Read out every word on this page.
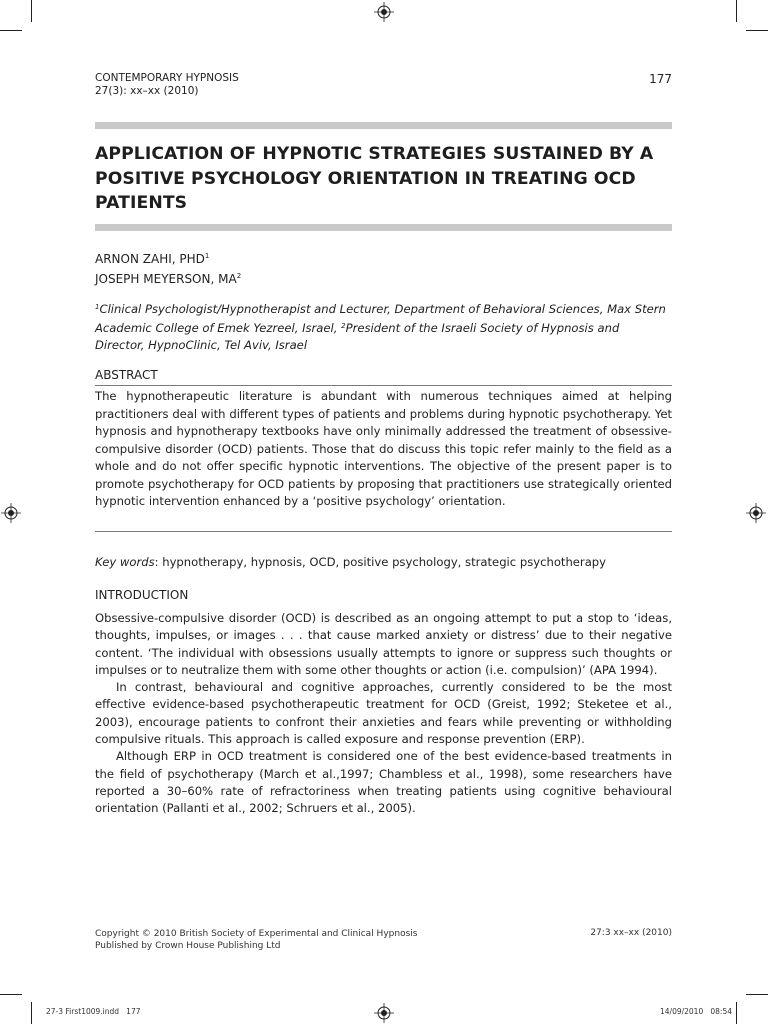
CONTEMPORARY HYPNOSIS
27(3): xx–xx (2010)
177
APPLICATION OF HYPNOTIC STRATEGIES SUSTAINED BY A POSITIVE PSYCHOLOGY ORIENTATION IN TREATING OCD PATIENTS
ARNON ZAHI, PHD$^1$
JOSEPH MEYERSON, $MA^2$
$^1$Clinical Psychologist/Hypnotherapist and Lecturer, Department of Behavioral Sciences, Max Stern Academic College of Emek Yezreel, Israel, $^2$President of the Israeli Society of Hypnosis and Director, HypnoClinic, Tel Aviv, Israel
ABSTRACT
The hypnotherapeutic literature is abundant with numerous techniques aimed at helping practitioners deal with different types of patients and problems during hypnotic psychotherapy. Yet hypnosis and hypnotherapy textbooks have only minimally addressed the treatment of obsessive-compulsive disorder (OCD) patients. Those that do discuss this topic refer mainly to the field as a whole and do not offer specific hypnotic interventions. The objective of the present paper is to promote psychotherapy for OCD patients by proposing that practitioners use strategically oriented hypnotic intervention enhanced by a ‘positive psychology’ orientation.
Key words: hypnotherapy, hypnosis, OCD, positive psychology, strategic psychotherapy
INTRODUCTION

Obsessive-compulsive disorder (OCD) is described as an ongoing attempt to put a stop to ‘ideas, thoughts, impulses, or images . . . that cause marked anxiety or distress’ due to their negative content. ‘The individual with obsessions usually attempts to ignore or suppress such thoughts or impulses or to neutralize them with some other thoughts or action (i.e. compulsion)’ (APA 1994).

In contrast, behavioural and cognitive approaches, currently considered to be the most effective evidence-based psychotherapeutic treatment for OCD (Greist, 1992; Steketee et al., 2003), encourage patients to confront their anxieties and fears while preventing or withholding compulsive rituals. This approach is called exposure and response prevention (ERP).

Although ERP in OCD treatment is considered one of the best evidence-based treatments in the field of psychotherapy (March et al.,1997; Chambless et al., 1998), some researchers have reported a 30–60% rate of refractoriness when treating patients using cognitive behavioural orientation (Pallanti et al., 2002; Schruers et al., 2005).

Copyright © 2010 British Society of Experimental and Clinical Hypnosis
Published by Crown House Publishing Ltd
27:3 xx–xx (2010)
27-3 First1009.indd   177	14/09/2010   08:54
